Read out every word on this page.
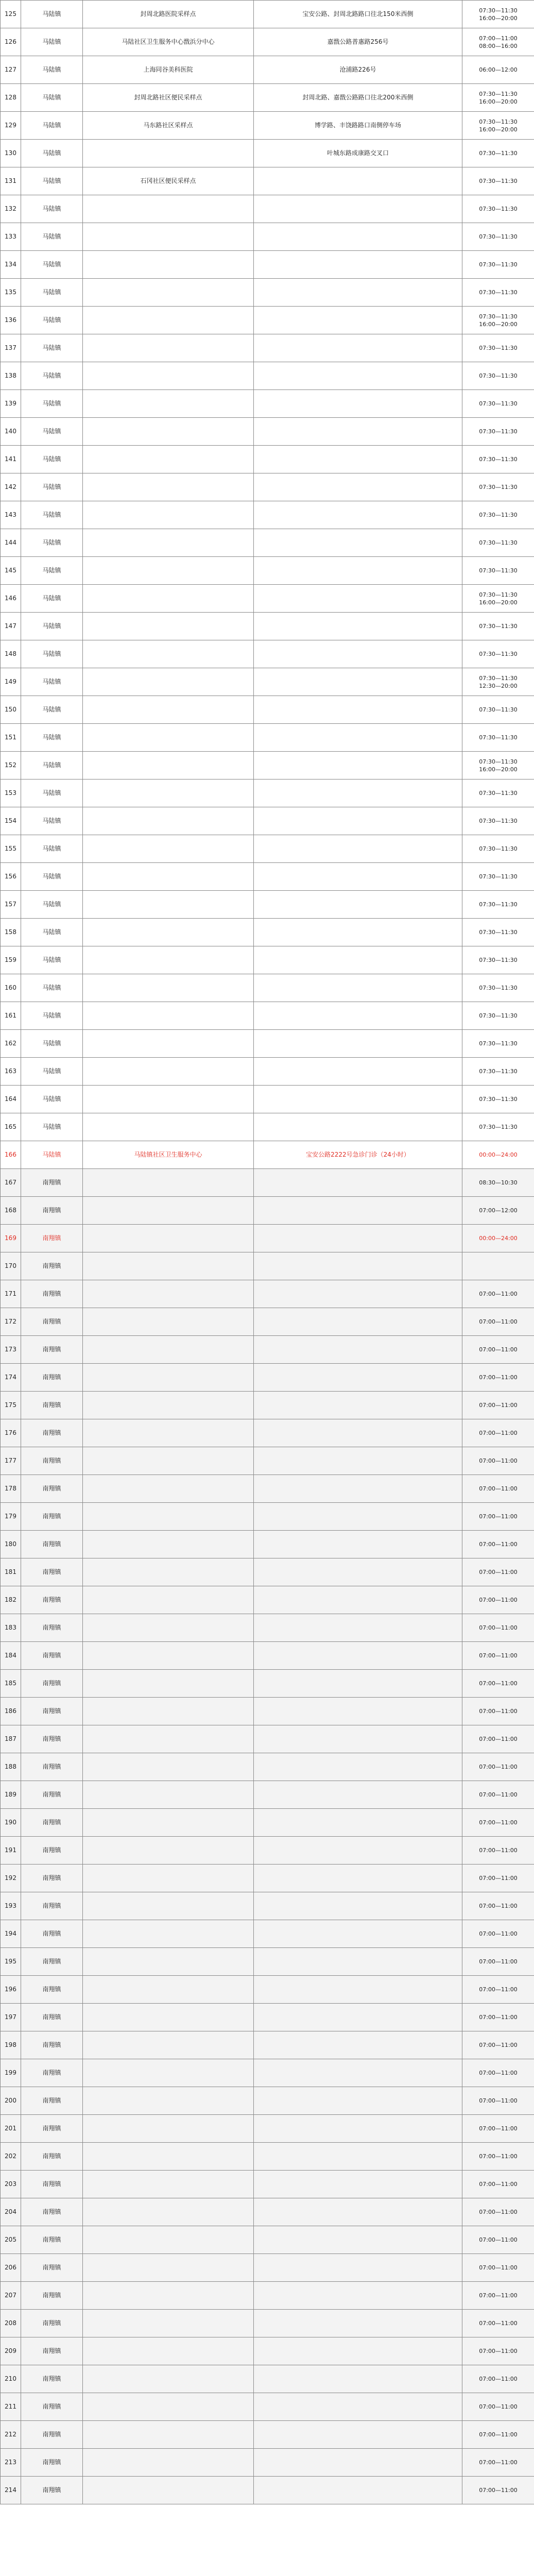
125	马陆镇	封周北路医院采样点	宝安公路、封周北路路口往北150米西侧	07:30—11:30
16:00—20:00
126	马陆镇	马陆社区卫生服务中心戬浜分中心	嘉戬公路普惠路256号	07:00—11:00
08:00—16:00
127	马陆镇	上海同谷美科医院	沧浦路226号	06:00—12:00
128	马陆镇	封周北路社区便民采样点	封周北路、嘉戬公路路口往北200米西侧	07:30—11:30
16:00—20:00
129	马陆镇	马东路社区采样点	博学路、丰饶路路口南侧停车场	07:30—11:30
16:00—20:00
130	马陆镇		叶城东路成康路交叉口	07:30—11:30
131	马陆镇	石冈社区便民采样点		07:30—11:30
132	马陆镇			07:30—11:30
133	马陆镇			07:30—11:30
134	马陆镇			07:30—11:30
135	马陆镇			07:30—11:30
136	马陆镇			07:30—11:30
16:00—20:00
137	马陆镇			07:30—11:30
138	马陆镇			07:30—11:30
139	马陆镇			07:30—11:30
140	马陆镇			07:30—11:30
141	马陆镇			07:30—11:30
142	马陆镇			07:30—11:30
143	马陆镇			07:30—11:30
144	马陆镇			07:30—11:30
145	马陆镇			07:30—11:30
146	马陆镇			07:30—11:30
16:00—20:00
147	马陆镇			07:30—11:30
148	马陆镇			07:30—11:30
149	马陆镇			07:30—11:30
12:30—20:00
150	马陆镇			07:30—11:30
151	马陆镇			07:30—11:30
152	马陆镇			07:30—11:30
16:00—20:00
153	马陆镇			07:30—11:30
154	马陆镇			07:30—11:30
155	马陆镇			07:30—11:30
156	马陆镇			07:30—11:30
157	马陆镇			07:30—11:30
158	马陆镇			07:30—11:30
159	马陆镇			07:30—11:30
160	马陆镇			07:30—11:30
161	马陆镇			07:30—11:30
162	马陆镇			07:30—11:30
163	马陆镇			07:30—11:30
164	马陆镇			07:30—11:30
165	马陆镇			07:30—11:30
166	马陆镇	马陆镇社区卫生服务中心	宝安公路2222号急诊门诊（24小时）	00:00—24:00
167	南翔镇			08:30—10:30
168	南翔镇			07:00—12:00
169	南翔镇			00:00—24:00
170	南翔镇			
171	南翔镇			07:00—11:00
172	南翔镇			07:00—11:00
173	南翔镇			07:00—11:00
174	南翔镇			07:00—11:00
175	南翔镇			07:00—11:00
176	南翔镇			07:00—11:00
177	南翔镇			07:00—11:00
178	南翔镇			07:00—11:00
179	南翔镇			07:00—11:00
180	南翔镇			07:00—11:00
181	南翔镇			07:00—11:00
182	南翔镇			07:00—11:00
183	南翔镇			07:00—11:00
184	南翔镇			07:00—11:00
185	南翔镇			07:00—11:00
186	南翔镇			07:00—11:00
187	南翔镇			07:00—11:00
188	南翔镇			07:00—11:00
189	南翔镇			07:00—11:00
190	南翔镇			07:00—11:00
191	南翔镇			07:00—11:00
192	南翔镇			07:00—11:00
193	南翔镇			07:00—11:00
194	南翔镇			07:00—11:00
195	南翔镇			07:00—11:00
196	南翔镇			07:00—11:00
197	南翔镇			07:00—11:00
198	南翔镇			07:00—11:00
199	南翔镇			07:00—11:00
200	南翔镇			07:00—11:00
201	南翔镇			07:00—11:00
202	南翔镇			07:00—11:00
203	南翔镇			07:00—11:00
204	南翔镇			07:00—11:00
205	南翔镇			07:00—11:00
206	南翔镇			07:00—11:00
207	南翔镇			07:00—11:00
208	南翔镇			07:00—11:00
209	南翔镇			07:00—11:00
210	南翔镇			07:00—11:00
211	南翔镇			07:00—11:00
212	南翔镇			07:00—11:00
213	南翔镇			07:00—11:00
214	南翔镇			07:00—11:00
